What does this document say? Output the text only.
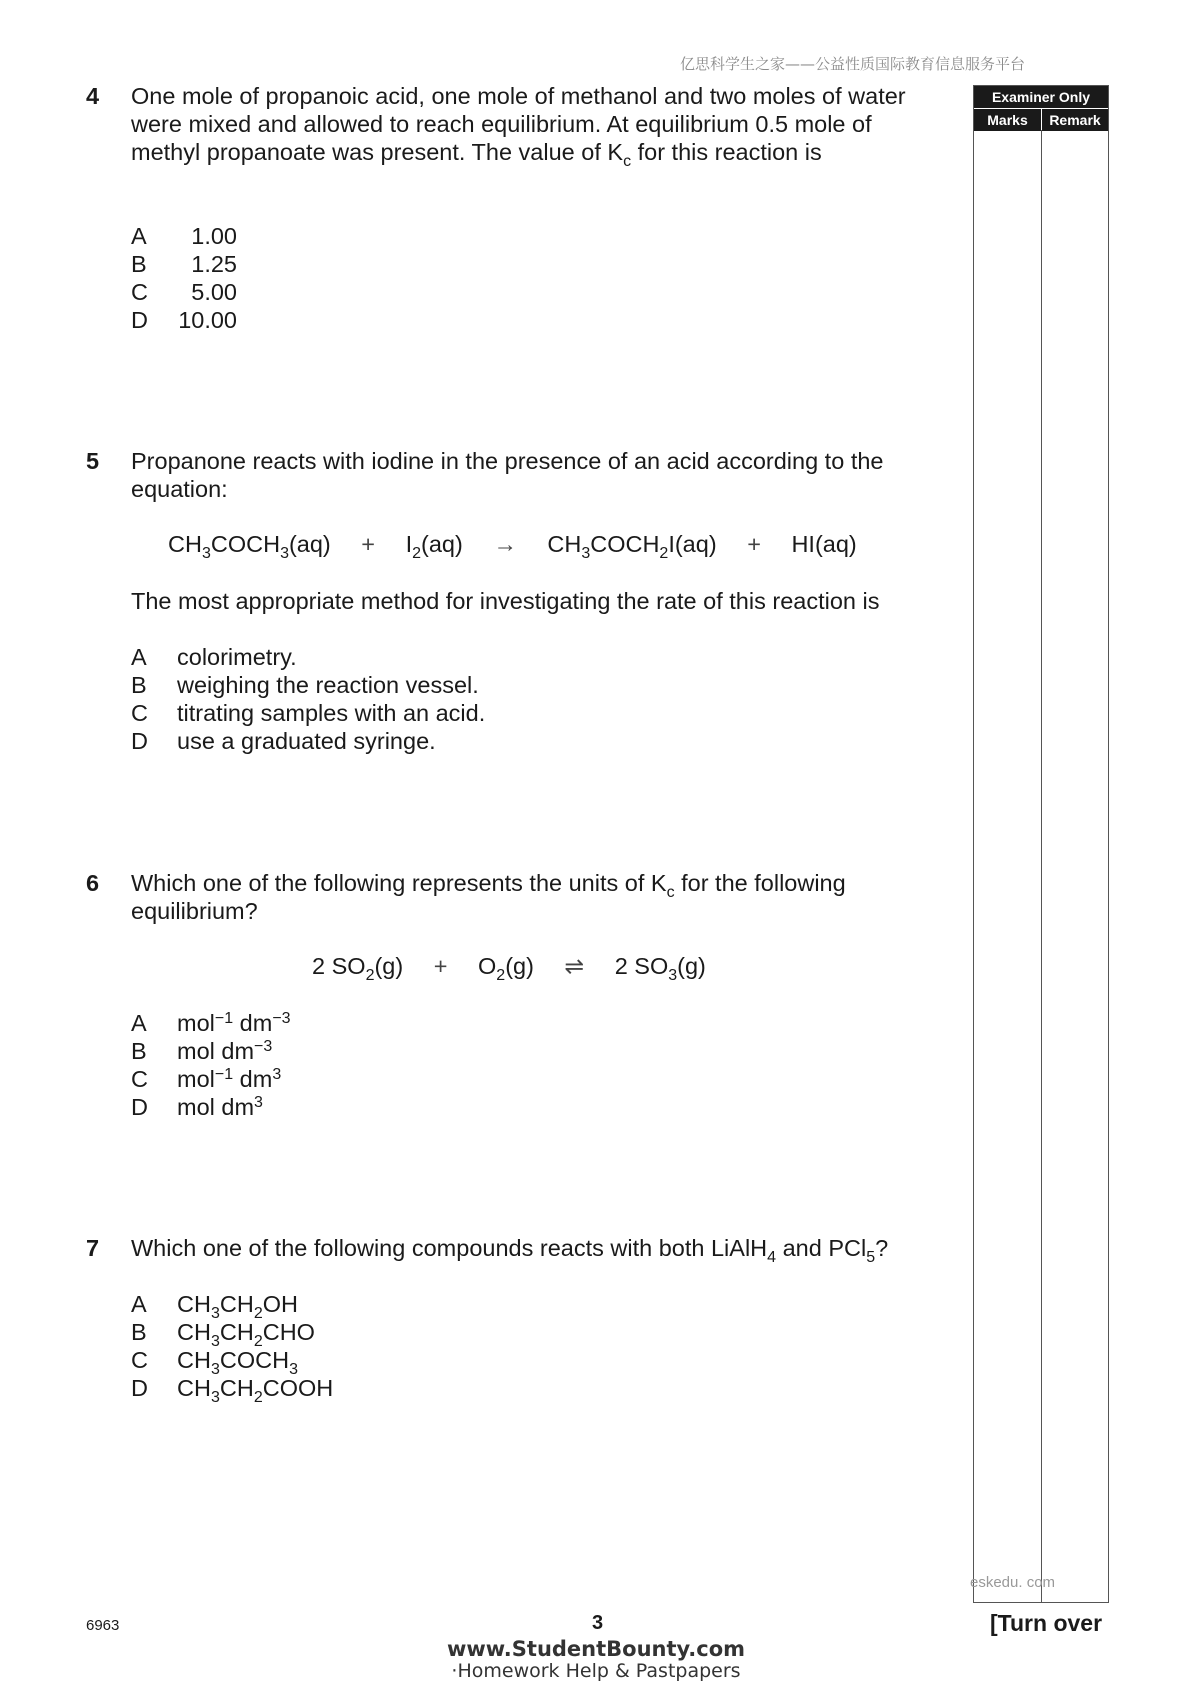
亿思科学生之家——公益性质国际教育信息服务平台
Examiner Only
Marks	Remark
4 One mole of propanoic acid, one mole of methanol and two moles of water were mixed and allowed to reach equilibrium. At equilibrium 0.5 mole of methyl propanoate was present. The value of $K_c$ for this reaction is
A	1.00
B	1.25
C	5.00
D	10.00
5 Propanone reacts with iodine in the presence of an acid according to the equation:
$CH_3COCH_3(aq) + I_2(aq)$ → $CH_3COCH_2I(aq) + HI(aq)$
The most appropriate method for investigating the rate of this reaction is
A	colorimetry.
B	weighing the reaction vessel.
C	titrating samples with an acid.
D	use a graduated syringe.
6 Which one of the following represents the units of $K_c$ for the following equilibrium?
2 $SO_2(g) + O_2(g)$ ⇌ 2 $SO_3(g)$
A	mol$^{-1}$ $dm^{-3}$
B	mol $dm^{-3}$
C	mol$^{-1}$ $dm^3$
D	mol $dm^3$
7 Which one of the following compounds reacts with both LiAlH$_4$ and PCl$_5$?
A	$CH_3CH_2OH$
B	$CH_3CH_2CHO$
C	$CH_3COCH_3$
D	$CH_3CH_2COOH$
eskedu. com
6963	3	[Turn over
www.StudentBounty.com
·Homework Help & Pastpapers
